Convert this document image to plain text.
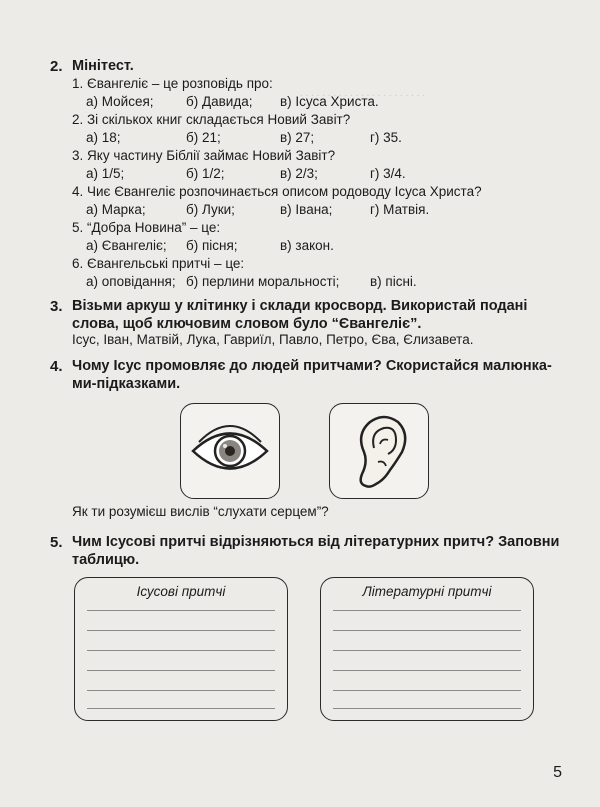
. . . . . . . . . . . . . . . . . . . . . . .
2. Мінітест.
1. Євангеліє – це розповідь про:
а) Мойсея; б) Давида; в) Ісуса Христа.
2. Зі скількох книг складається Новий Завіт?
а) 18;	б) 21;	в) 27;	г) 35.
3. Яку частину Біблії займає Новий Завіт?
а) 1/5;	б) 1/2;	в) 2/3;	г) 3/4.
4. Чиє Євангеліє розпочинається описом родоводу Ісуса Христа?
а) Марка;	б) Луки;	в) Івана;	г) Матвія.
5. “Добра Новина” – це:
а) Євангеліє; б) пісня;	в) закон.
6. Євангельські притчі – це:
а) оповідання; б) перлини моральності; в) пісні.
3. Візьми аркуш у клітинку і склади кросворд. Використай подані
слова, щоб ключовим словом було “Євангеліє”.
Ісус, Іван, Матвій, Лука, Гавриїл, Павло, Петро, Єва, Єлизавета.
4. Чому Ісус промовляє до людей притчами? Скористайся малюнка-
ми-підказками.
Як ти розумієш вислів “слухати серцем”?
5. Чим Ісусові притчі відрізняються від літературних притч? Заповни
таблицю.
Ісусові притчі	Літературні притчі
5
